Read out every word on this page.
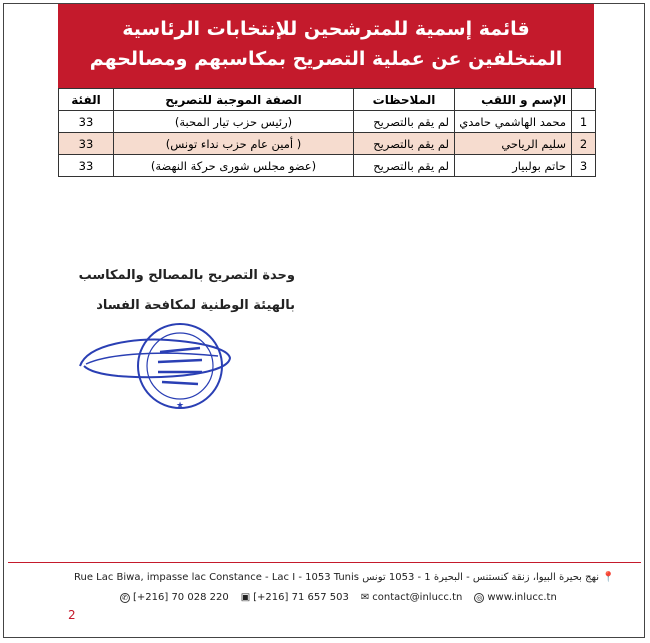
قائمة إسمية للمترشحين للإنتخابات الرئاسية
المتخلفين عن عملية التصريح بمكاسبهم ومصالحهم
	الإسم و اللقب	الملاحظات	الصفة الموجبة للتصريح	الفئة
1	محمد الهاشمي حامدي	لم يقم بالتصريح	(رئيس حزب تيار المحبة)	33
2	سليم الرياحي	لم يقم بالتصريح	( أمين عام حزب نداء تونس)	33
3	حاتم بولبيار	لم يقم بالتصريح	(عضو مجلس شورى حركة النهضة)	33
وحدة التصريح بالمصالح والمكاسب
بالهيئة الوطنية لمكافحة الفساد
★
Rue Lac Biwa, impasse lac Constance - Lac I - 1053 Tunis نهج بحيرة البيوا، زنقة كنستنس - البحيرة 1 - 1053 تونس 📍
✆ [+216] 70 028 220 ▣ [+216] 71 657 503 ✉ contact@inlucc.tn ◎ www.inlucc.tn
2
